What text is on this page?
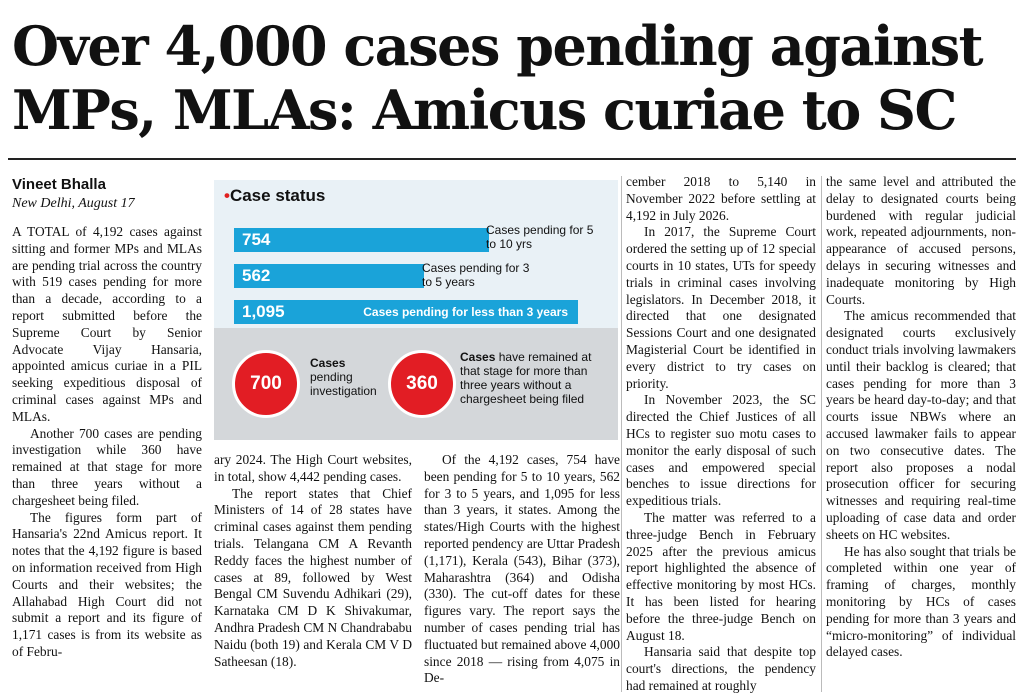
Over 4,000 cases pending against MPs, MLAs: Amicus curiae to SC
Vineet Bhalla
New Delhi, August 17

A TOTAL of 4,192 cases against sitting and former MPs and MLAs are pending trial across the country with 519 cases pending for more than a decade, according to a report submitted before the Supreme Court by Senior Advocate Vijay Hansaria, appointed amicus curiae in a PIL seeking expeditious disposal of criminal cases against MPs and MLAs.

Another 700 cases are pending investigation while 360 have remained at that stage for more than three years without a chargesheet being filed.

The figures form part of Hansaria's 22nd Amicus report. It notes that the 4,192 figure is based on information received from High Courts and their websites; the Allahabad High Court did not submit a report and its figure of 1,171 cases is from its website as of Febru-

•Case status
754	Cases pending for 5 to 10 yrs
562	Cases pending for 3 to 5 years
1,095	Cases pending for less than 3 years
700
Cases
pending investigation	360
Cases have remained at that stage for more than three years without a chargesheet being filed

ary 2024. The High Court websites, in total, show 4,442 pending cases.

The report states that Chief Ministers of 14 of 28 states have criminal cases against them pending trials. Telangana CM A Revanth Reddy faces the highest number of cases at 89, followed by West Bengal CM Suvendu Adhikari (29), Karnataka CM D K Shivakumar, Andhra Pradesh CM N Chandrababu Naidu (both 19) and Kerala CM V D Satheesan (18).

Of the 4,192 cases, 754 have been pending for 5 to 10 years, 562 for 3 to 5 years, and 1,095 for less than 3 years, it states. Among the states/High Courts with the highest reported pendency are Uttar Pradesh (1,171), Kerala (543), Bihar (373), Maharashtra (364) and Odisha (330). The cut-off dates for these figures vary. The report says the number of cases pending trial has fluctuated but remained above 4,000 since 2018 — rising from 4,075 in De-

cember 2018 to 5,140 in November 2022 before settling at 4,192 in July 2026.

In 2017, the Supreme Court ordered the setting up of 12 special courts in 10 states, UTs for speedy trials in criminal cases involving legislators. In December 2018, it directed that one designated Sessions Court and one designated Magisterial Court be identified in every district to try cases on priority.

In November 2023, the SC directed the Chief Justices of all HCs to register suo motu cases to monitor the early disposal of such cases and empowered special benches to issue directions for expeditious trials.

The matter was referred to a three-judge Bench in February 2025 after the previous amicus report highlighted the absence of effective monitoring by most HCs. It has been listed for hearing before the three-judge Bench on August 18.

Hansaria said that despite top court's directions, the pendency had remained at roughly

the same level and attributed the delay to designated courts being burdened with regular judicial work, repeated adjournments, non-appearance of accused persons, delays in securing witnesses and inadequate monitoring by High Courts.

The amicus recommended that designated courts exclusively conduct trials involving lawmakers until their backlog is cleared; that cases pending for more than 3 years be heard day-to-day; and that courts issue NBWs where an accused lawmaker fails to appear on two consecutive dates. The report also proposes a nodal prosecution officer for securing witnesses and requiring real-time uploading of case data and order sheets on HC websites.

He has also sought that trials be completed within one year of framing of charges, monthly monitoring by HCs of cases pending for more than 3 years and “micro-monitoring” of individual delayed cases.
